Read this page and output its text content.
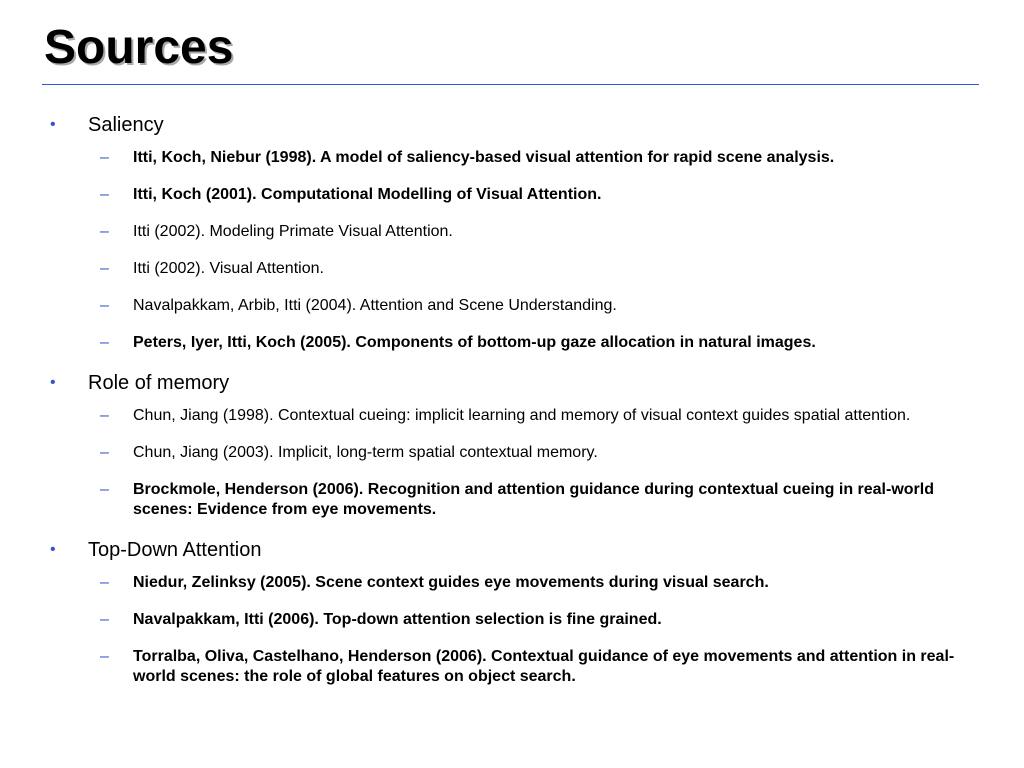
Sources
• Saliency
– Itti, Koch, Niebur (1998). A model of saliency-based visual attention for rapid scene analysis.
– Itti, Koch (2001). Computational Modelling of Visual Attention.
– Itti (2002). Modeling Primate Visual Attention.
– Itti (2002). Visual Attention.
– Navalpakkam, Arbib, Itti (2004). Attention and Scene Understanding.
– Peters, Iyer, Itti, Koch (2005). Components of bottom-up gaze allocation in natural images.
• Role of memory
– Chun, Jiang (1998). Contextual cueing: implicit learning and memory of visual context guides spatial attention.
– Chun, Jiang (2003). Implicit, long-term spatial contextual memory.
– Brockmole, Henderson (2006). Recognition and attention guidance during contextual cueing in real-world scenes: Evidence from eye movements.
• Top-Down Attention
– Niedur, Zelinksy (2005). Scene context guides eye movements during visual search.
– Navalpakkam, Itti (2006). Top-down attention selection is fine grained.
– Torralba, Oliva, Castelhano, Henderson (2006). Contextual guidance of eye movements and attention in real-world scenes: the role of global features on object search.
